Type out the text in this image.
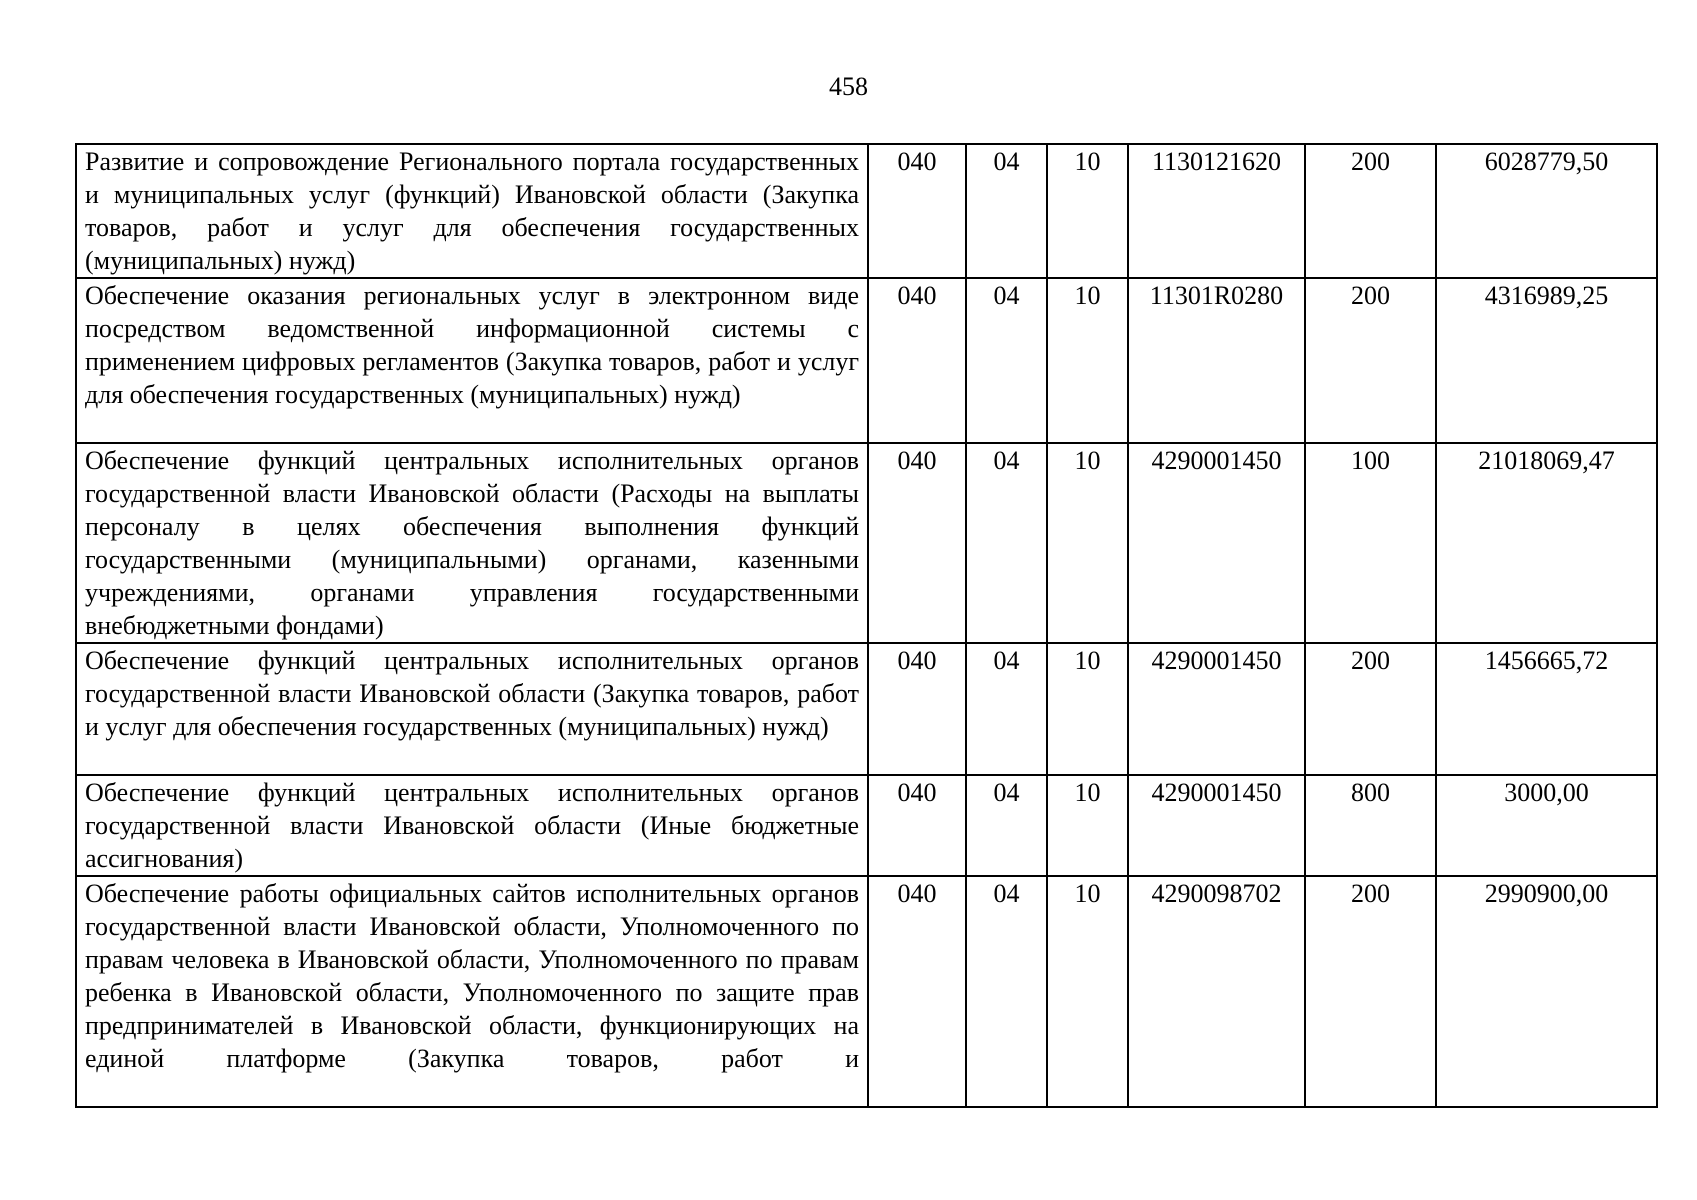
458
Развитие и сопровождение Регионального портала государственных и муниципальных услуг (функций) Ивановской области (Закупка товаров, работ и услуг для обеспечения государственных (муниципальных) нужд)	040	04	10	1130121620	200	6028779,50
Обеспечение оказания региональных услуг в электронном виде посредством ведомственной информационной системы с применением цифровых регламентов (Закупка товаров, работ и услуг для обеспечения государственных (муниципальных) нужд)	040	04	10	11301R0280	200	4316989,25
Обеспечение функций центральных исполнительных органов государственной власти Ивановской области (Расходы на выплаты персоналу в целях обеспечения выполнения функций государственными (муниципальными) органами, казенными учреждениями, органами управления государственными внебюджетными фондами)	040	04	10	4290001450	100	21018069,47
Обеспечение функций центральных исполнительных органов государственной власти Ивановской области (Закупка товаров, работ и услуг для обеспечения государственных (муниципальных) нужд)	040	04	10	4290001450	200	1456665,72
Обеспечение функций центральных исполнительных органов государственной власти Ивановской области (Иные бюджетные ассигнования)	040	04	10	4290001450	800	3000,00
Обеспечение работы официальных сайтов исполнительных органов государственной власти Ивановской области, Уполномоченного по правам человека в Ивановской области, Уполномоченного по правам ребенка в Ивановской области, Уполномоченного по защите прав предпринимателей в Ивановской области, функционирующих на единой платформе (Закупка товаров, работ и	040	04	10	4290098702	200	2990900,00
